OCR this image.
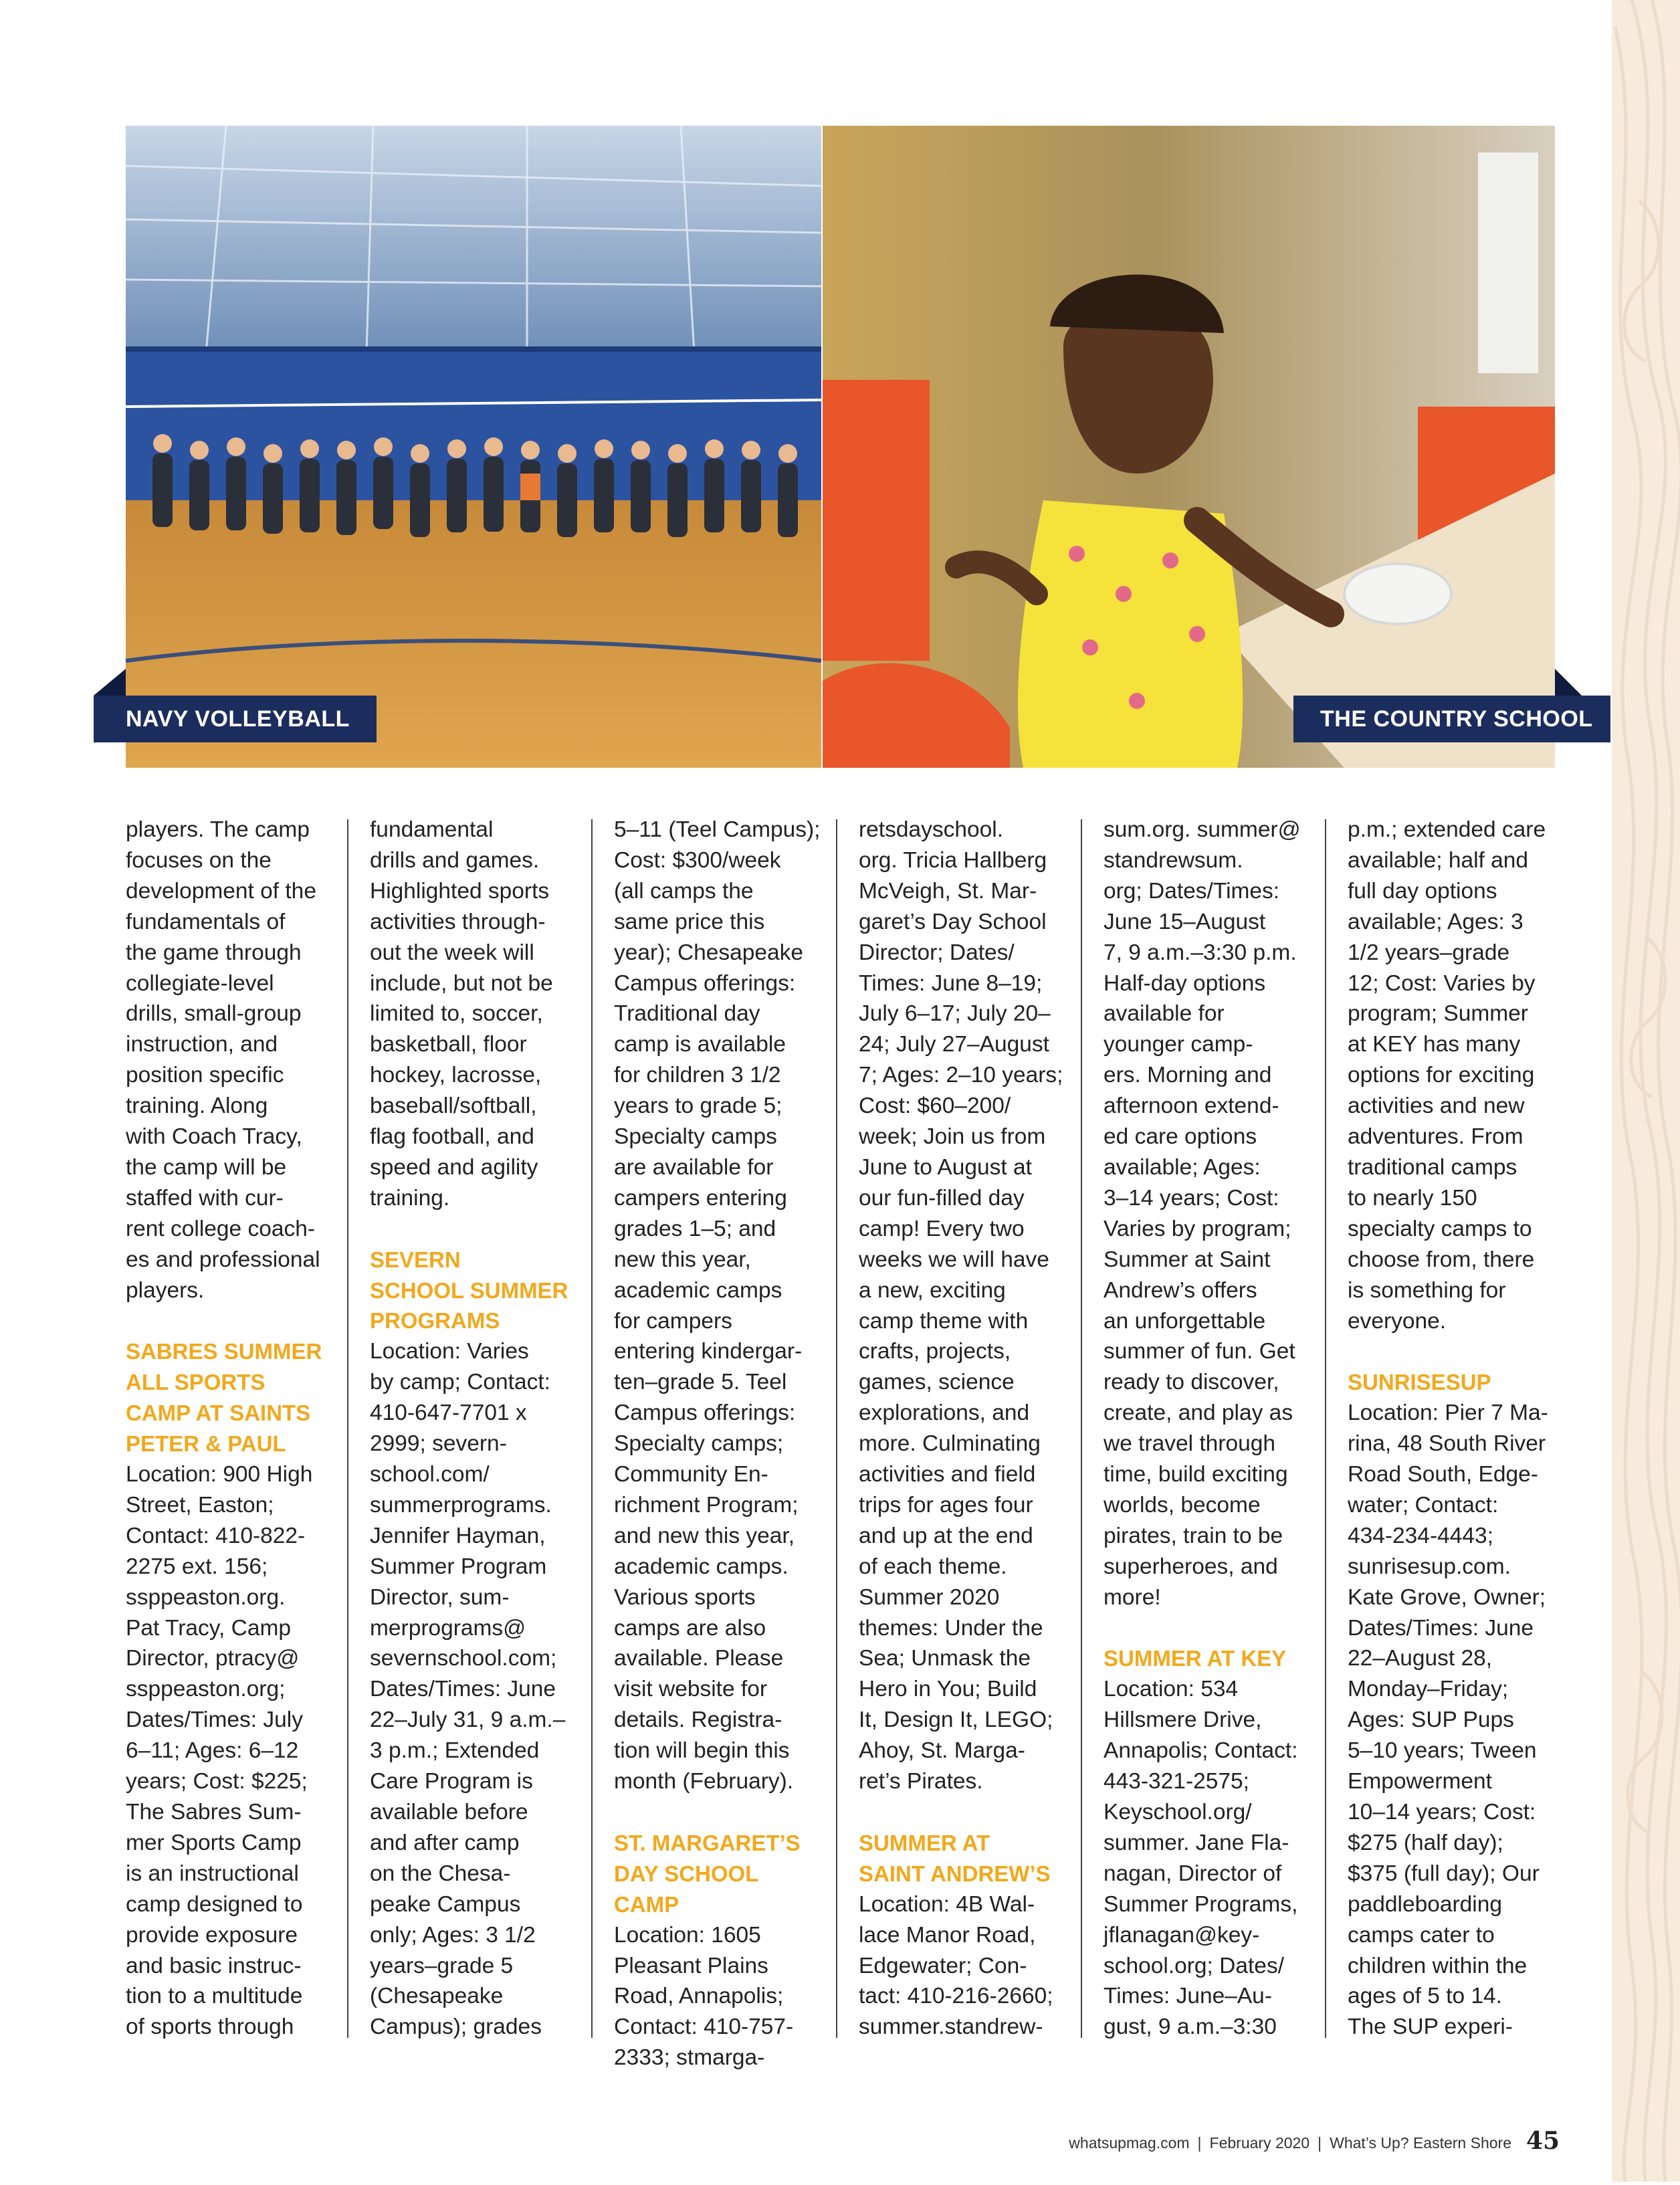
NAVY VOLLEYBALL	THE COUNTRY SCHOOL

players. The camp

focuses on the

development of the

fundamentals of

the game through

collegiate-level

drills, small-group

instruction, and

position specific

training. Along

with Coach Tracy,

the camp will be

staffed with cur-

rent college coach-

es and professional

players.

SABRES SUMMER

ALL SPORTS

CAMP AT SAINTS

PETER & PAUL

Location: 900 High

Street, Easton;

Contact: 410-822-

2275 ext. 156;

ssppeaston.org.

Pat Tracy, Camp

Director, ptracy@

ssppeaston.org;

Dates/Times: July

6–11; Ages: 6–12

years; Cost: $225;

The Sabres Sum-

mer Sports Camp

is an instructional

camp designed to

provide exposure

and basic instruc-

tion to a multitude

of sports through

fundamental

drills and games.

Highlighted sports

activities through-

out the week will

include, but not be

limited to, soccer,

basketball, floor

hockey, lacrosse,

baseball/softball,

flag football, and

speed and agility

training.

SEVERN

SCHOOL SUMMER

PROGRAMS

Location: Varies

by camp; Contact:

410-647-7701 x

2999; severn-

school.com/

summerprograms.

Jennifer Hayman,

Summer Program

Director, sum-

merprograms@

severnschool.com;

Dates/Times: June

22–July 31, 9 a.m.–

3 p.m.; Extended

Care Program is

available before

and after camp

on the Chesa-

peake Campus

only; Ages: 3 1/2

years–grade 5

(Chesapeake

Campus); grades

5–11 (Teel Campus);

Cost: $300/week

(all camps the

same price this

year); Chesapeake

Campus offerings:

Traditional day

camp is available

for children 3 1/2

years to grade 5;

Specialty camps

are available for

campers entering

grades 1–5; and

new this year,

academic camps

for campers

entering kindergar-

ten–grade 5. Teel

Campus offerings:

Specialty camps;

Community En-

richment Program;

and new this year,

academic camps.

Various sports

camps are also

available. Please

visit website for

details. Registra-

tion will begin this

month (February).

ST. MARGARET’S

DAY SCHOOL CAMP

Location: 1605

Pleasant Plains

Road, Annapolis;

Contact: 410-757-

2333; stmarga-

retsdayschool.

org. Tricia Hallberg

McVeigh, St. Mar-

garet’s Day School

Director; Dates/

Times: June 8–19;

July 6–17; July 20–

24; July 27–August

7; Ages: 2–10 years;

Cost: $60–200/

week; Join us from

June to August at

our fun-filled day

camp! Every two

weeks we will have

a new, exciting

camp theme with

crafts, projects,

games, science

explorations, and

more. Culminating

activities and field

trips for ages four

and up at the end

of each theme.

Summer 2020

themes: Under the

Sea; Unmask the

Hero in You; Build

It, Design It, LEGO;

Ahoy, St. Marga-

ret’s Pirates.

SUMMER AT

SAINT ANDREW’S

Location: 4B Wal-

lace Manor Road,

Edgewater; Con-

tact: 410-216-2660;

summer.standrew-

sum.org. summer@

standrewsum.

org; Dates/Times:

June 15–August

7, 9 a.m.–3:30 p.m.

Half-day options

available for

younger camp-

ers. Morning and

afternoon extend-

ed care options

available; Ages:

3–14 years; Cost:

Varies by program;

Summer at Saint

Andrew’s offers

an unforgettable

summer of fun. Get

ready to discover,

create, and play as

we travel through

time, build exciting

worlds, become

pirates, train to be

superheroes, and

more!

SUMMER AT KEY

Location: 534

Hillsmere Drive,

Annapolis; Contact:

443-321-2575;

Keyschool.org/

summer. Jane Fla-

nagan, Director of

Summer Programs,

jflanagan@key-

school.org; Dates/

Times: June–Au-

gust, 9 a.m.–3:30

p.m.; extended care

available; half and

full day options

available; Ages: 3

1/2 years–grade

12; Cost: Varies by

program; Summer

at KEY has many

options for exciting

activities and new

adventures. From

traditional camps

to nearly 150

specialty camps to

choose from, there

is something for

everyone.

SUNRISESUP

Location: Pier 7 Ma-

rina, 48 South River

Road South, Edge-

water; Contact:

434-234-4443;

sunrisesup.com.

Kate Grove, Owner;

Dates/Times: June

22–August 28,

Monday–Friday;

Ages: SUP Pups

5–10 years; Tween

Empowerment

10–14 years; Cost:

$275 (half day);

$375 (full day); Our

paddleboarding

camps cater to

children within the

ages of 5 to 14.

The SUP experi-

whatsupmag.com | February 2020 | What’s Up? Eastern Shore 45
